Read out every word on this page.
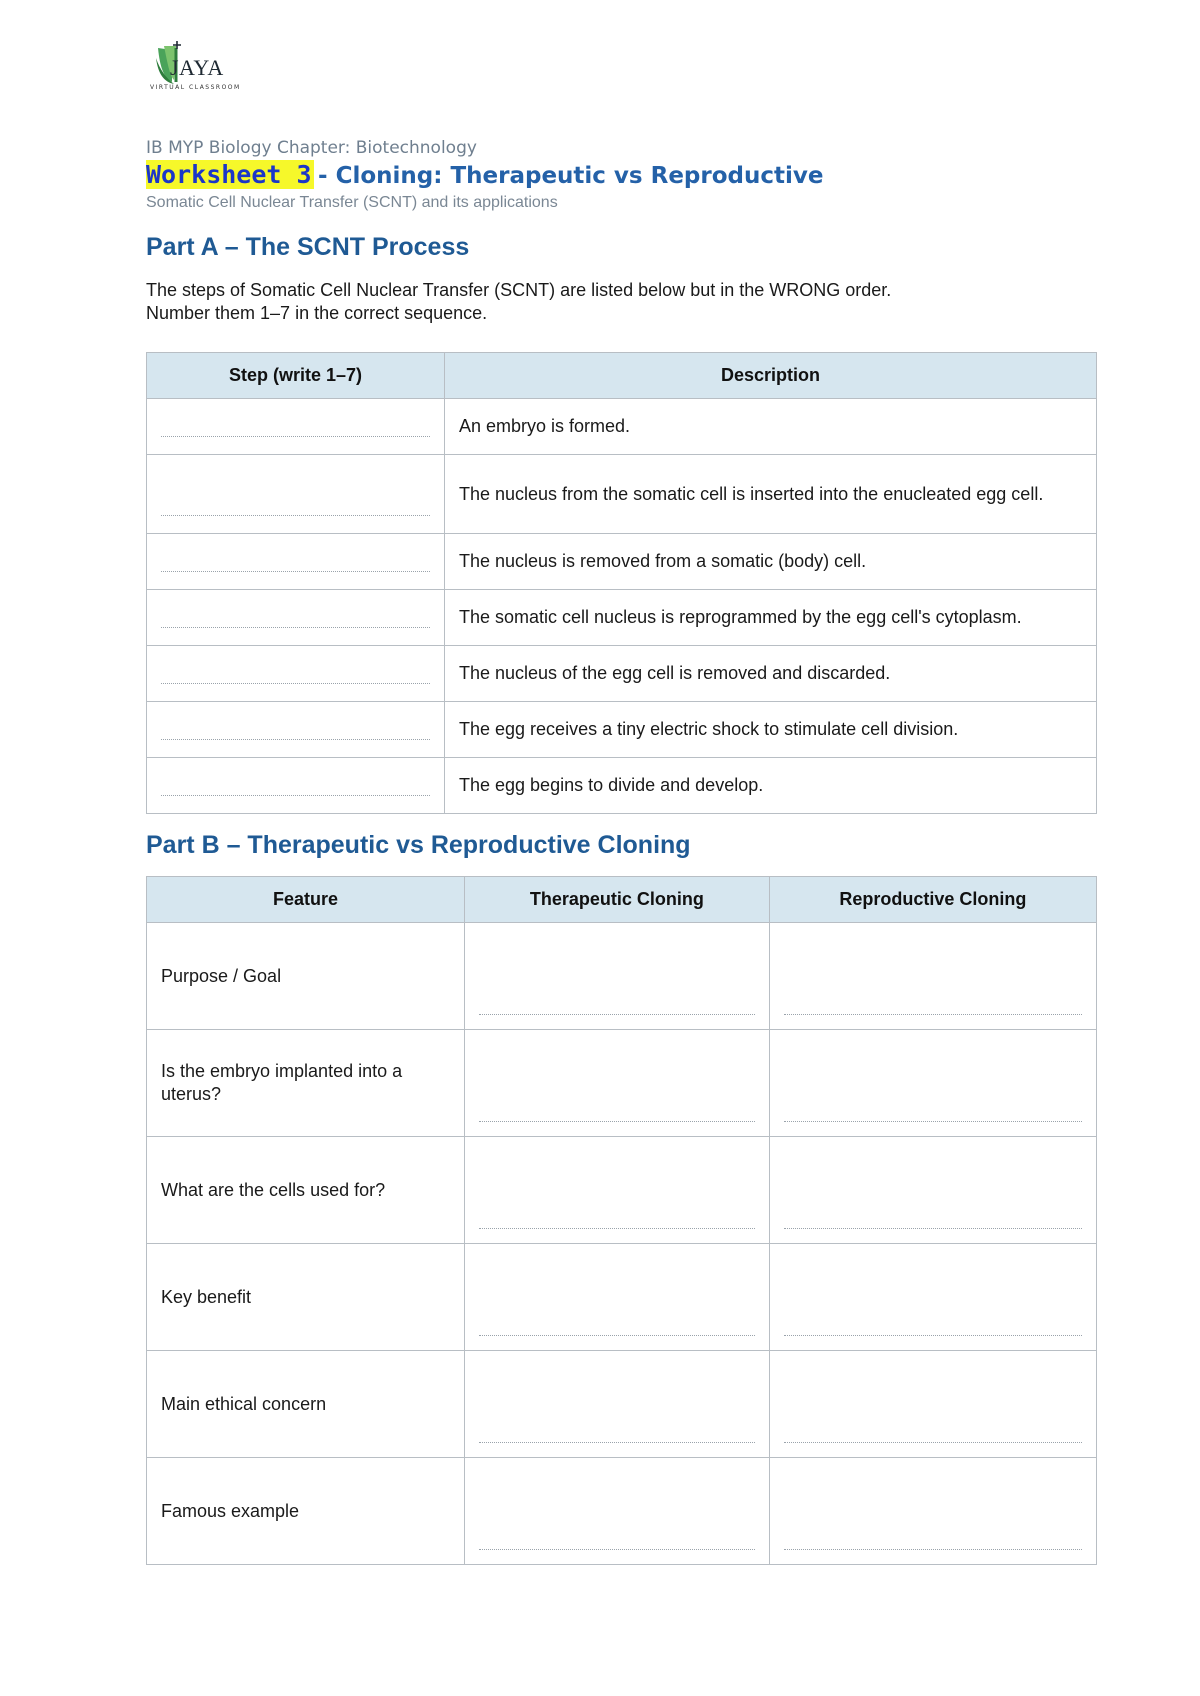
JAYA
VIRTUAL CLASSROOM
IB MYP Biology Chapter: Biotechnology
Worksheet 3 - Cloning: Therapeutic vs Reproductive
Somatic Cell Nuclear Transfer (SCNT) and its applications
Part A – The SCNT Process
The steps of Somatic Cell Nuclear Transfer (SCNT) are listed below but in the WRONG order.
Number them 1–7 in the correct sequence.
Step (write 1–7)	Description

	An embryo is formed.

	The nucleus from the somatic cell is inserted into the enucleated egg cell.

	The nucleus is removed from a somatic (body) cell.

	The somatic cell nucleus is reprogrammed by the egg cell's cytoplasm.

	The nucleus of the egg cell is removed and discarded.

	The egg receives a tiny electric shock to stimulate cell division.

	The egg begins to divide and develop.
Part B – Therapeutic vs Reproductive Cloning
Feature	Therapeutic Cloning	Reproductive Cloning
Purpose / Goal	

Is the embryo implanted into a uterus?	

What are the cells used for?	

Key benefit	

Main ethical concern	

Famous example	
